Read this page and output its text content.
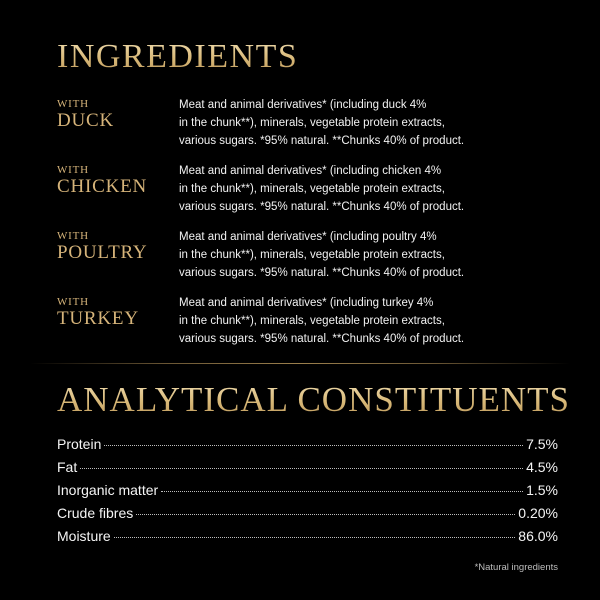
INGREDIENTS
WITH
DUCK
Meat and animal derivatives* (including duck 4%
in the chunk**), minerals, vegetable protein extracts,
various sugars. *95% natural. **Chunks 40% of product.
WITH
CHICKEN
Meat and animal derivatives* (including chicken 4%
in the chunk**), minerals, vegetable protein extracts,
various sugars. *95% natural. **Chunks 40% of product.
WITH
POULTRY
Meat and animal derivatives* (including poultry 4%
in the chunk**), minerals, vegetable protein extracts,
various sugars. *95% natural. **Chunks 40% of product.
WITH
TURKEY
Meat and animal derivatives* (including turkey 4%
in the chunk**), minerals, vegetable protein extracts,
various sugars. *95% natural. **Chunks 40% of product.
ANALYTICAL CONSTITUENTS
Protein	7.5%
Fat	4.5%
Inorganic matter	1.5%
Crude fibres	0.20%
Moisture	86.0%
*Natural ingredients
